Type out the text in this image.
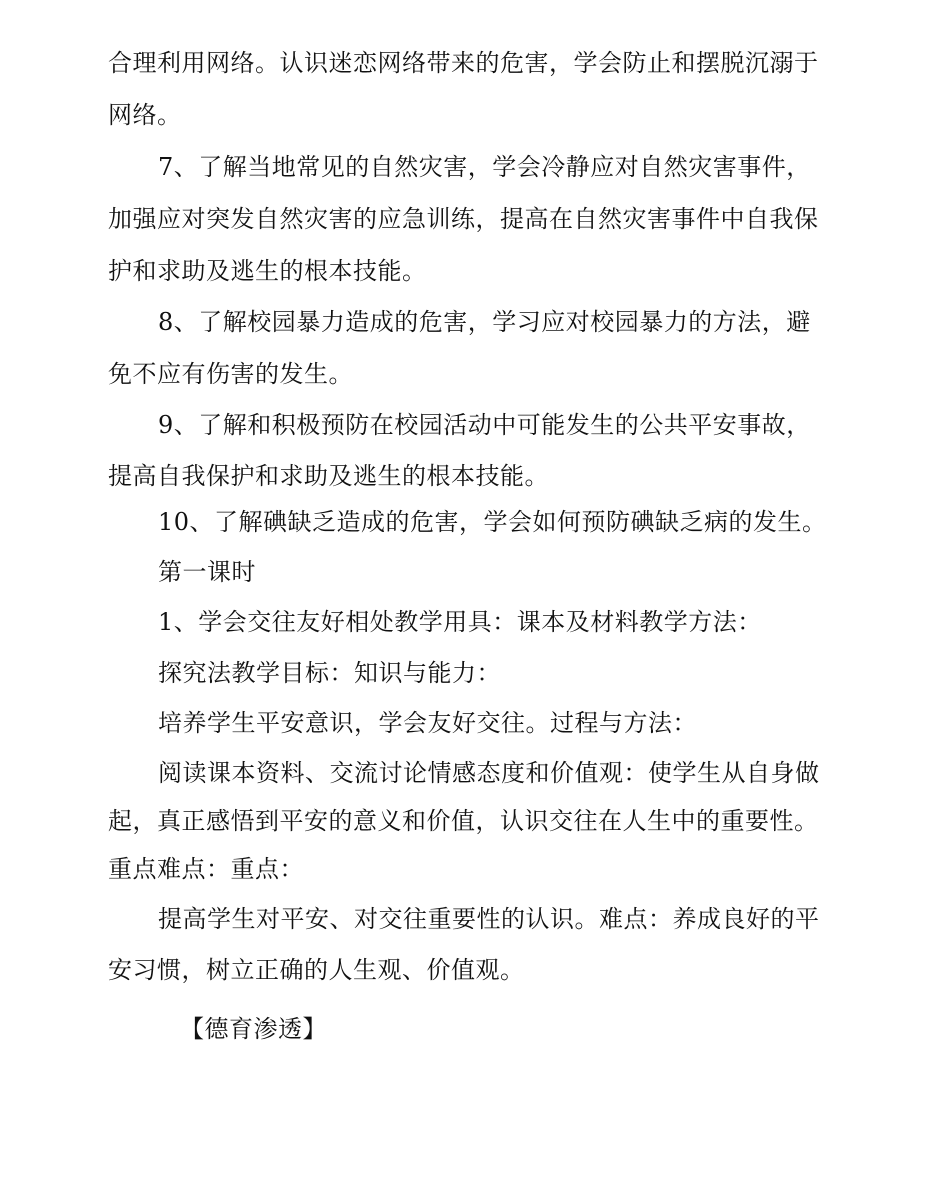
合理利用网络。认识迷恋网络带来的危害，学会防止和摆脱沉溺于
网络。
7、了解当地常见的自然灾害，学会冷静应对自然灾害事件，
加强应对突发自然灾害的应急训练，提高在自然灾害事件中自我保
护和求助及逃生的根本技能。
8、了解校园暴力造成的危害，学习应对校园暴力的方法，避
免不应有伤害的发生。
9、了解和积极预防在校园活动中可能发生的公共平安事故，
提高自我保护和求助及逃生的根本技能。
10、了解碘缺乏造成的危害，学会如何预防碘缺乏病的发生。
第一课时
1、学会交往友好相处教学用具：课本及材料教学方法：
探究法教学目标：知识与能力：
培养学生平安意识，学会友好交往。过程与方法：
阅读课本资料、交流讨论情感态度和价值观：使学生从自身做
起，真正感悟到平安的意义和价值，认识交往在人生中的重要性。
重点难点：重点：
提高学生对平安、对交往重要性的认识。难点：养成良好的平
安习惯，树立正确的人生观、价值观。
【德育渗透】
